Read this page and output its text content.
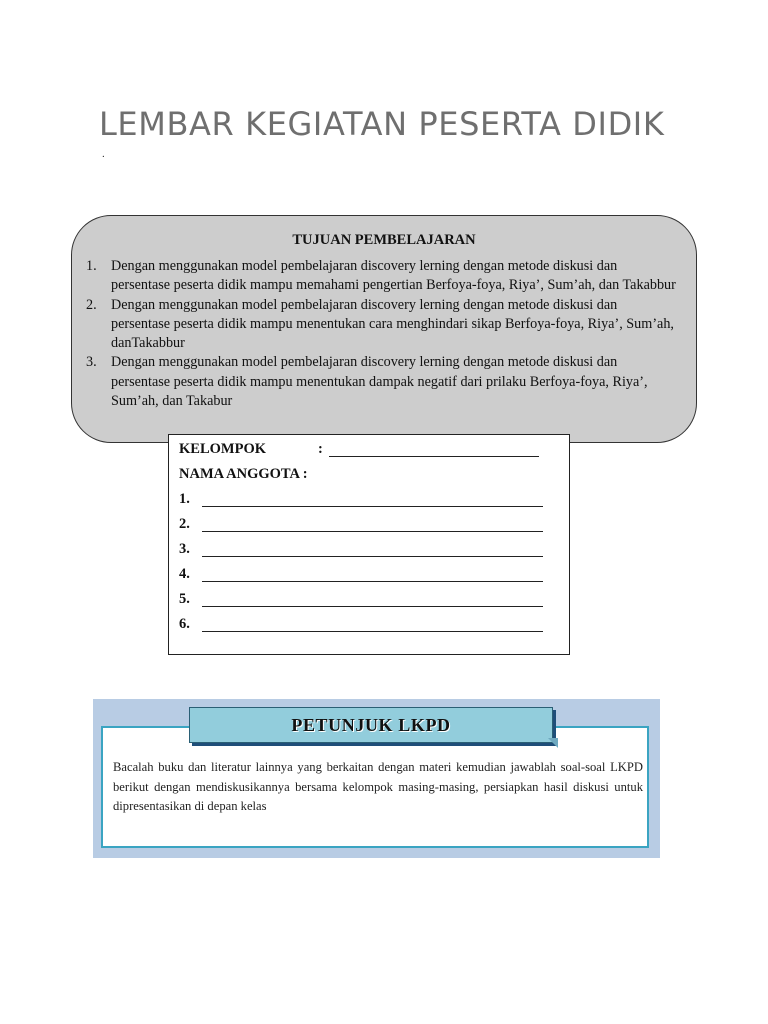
LEMBAR KEGIATAN PESERTA DIDIK
.
TUJUAN PEMBELAJARAN
1.	Dengan menggunakan model pembelajaran discovery lerning dengan metode diskusi dan persentase peserta didik mampu memahami pengertian Berfoya-foya, Riya’, Sum’ah, dan Takabbur
2.	Dengan menggunakan model pembelajaran discovery lerning dengan metode diskusi dan persentase peserta didik mampu menentukan cara menghindari sikap Berfoya-foya, Riya’, Sum’ah, danTakabbur
3.	Dengan menggunakan model pembelajaran discovery lerning dengan metode diskusi dan persentase peserta didik mampu menentukan dampak negatif dari prilaku Berfoya-foya, Riya’, Sum’ah, dan Takabur
KELOMPOK	:
NAMA ANGGOTA :
1.
2.
3.
4.
5.
6.
Bacalah buku dan literatur lainnya yang berkaitan dengan materi kemudian jawablah soal-soal LKPD berikut dengan mendiskusikannya bersama kelompok masing-masing, persiapkan hasil diskusi untuk dipresentasikan di depan kelas
PETUNJUK LKPD
